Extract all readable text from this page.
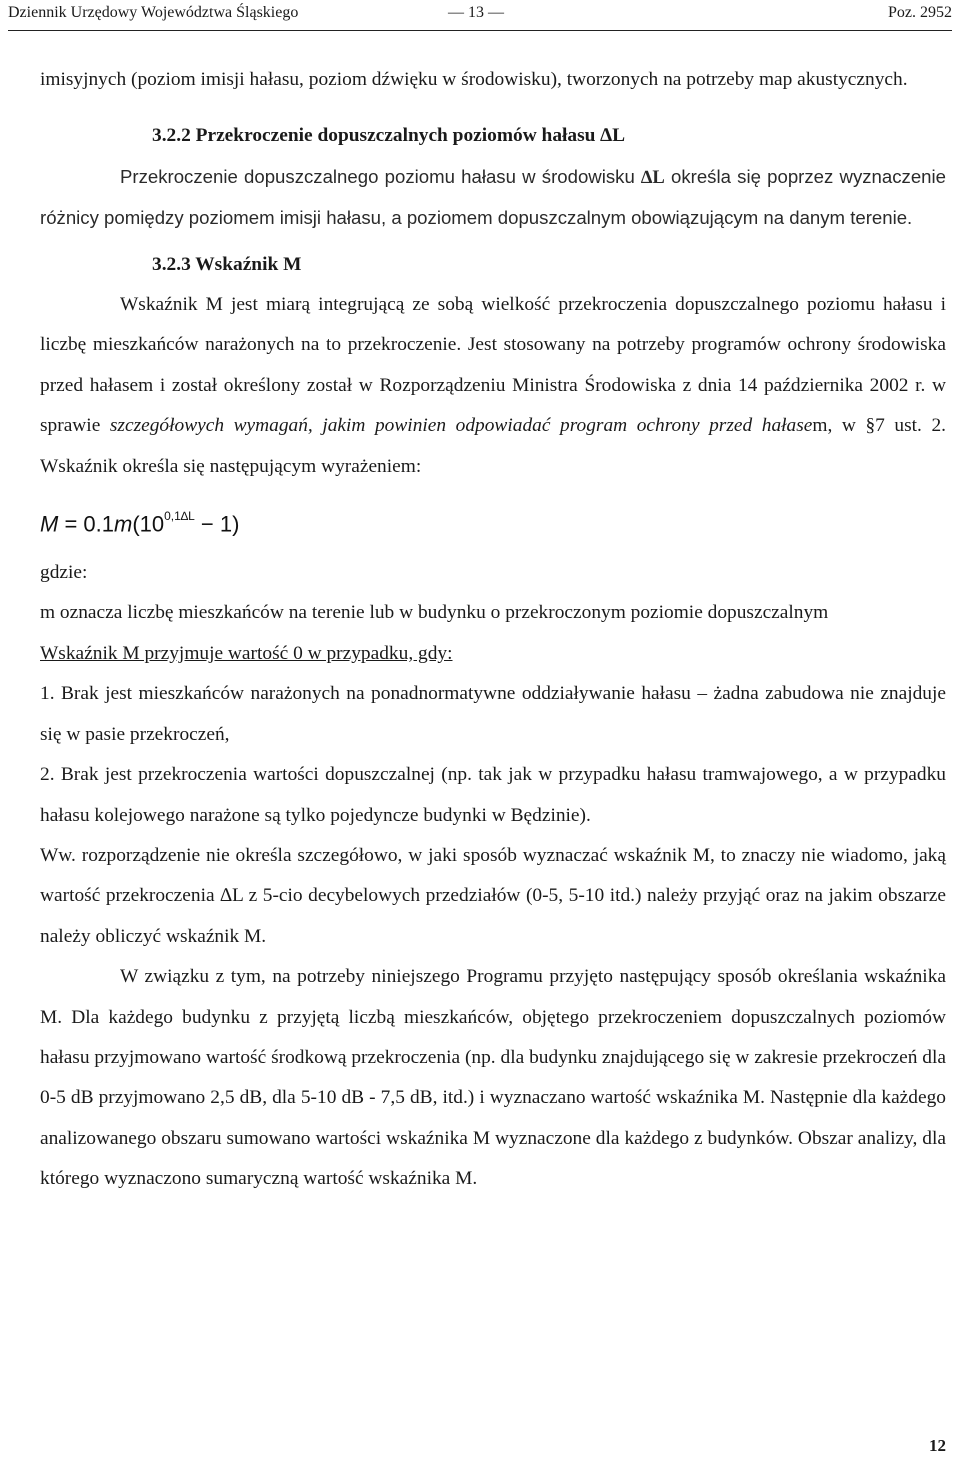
Dziennik Urzędowy Województwa Śląskiego	— 13 —	Poz. 2952

imisyjnych (poziom imisji hałasu, poziom dźwięku w środowisku), tworzonych na potrzeby map akustycznych.

3.2.2 Przekroczenie dopuszczalnych poziomów hałasu ∆L

Przekroczenie dopuszczalnego poziomu hałasu w środowisku ∆L określa się poprzez wyznaczenie różnicy pomiędzy poziomem imisji hałasu, a poziomem dopuszczalnym obowiązującym na danym terenie.

3.2.3 Wskaźnik M

Wskaźnik M jest miarą integrującą ze sobą wielkość przekroczenia dopuszczalnego poziomu hałasu i liczbę mieszkańców narażonych na to przekroczenie. Jest stosowany na potrzeby programów ochrony środowiska przed hałasem i został określony został w Rozporządzeniu Ministra Środowiska z dnia 14 października 2002 r. w sprawie szczegółowych wymagań, jakim powinien odpowiadać program ochrony przed hałasem, w §7 ust. 2. Wskaźnik określa się następującym wyrażeniem:

$M = 0.1m(10^{0,1\Delta L} - 1)$

gdzie:

m oznacza liczbę mieszkańców na terenie lub w budynku o przekroczonym poziomie dopuszczalnym

Wskaźnik M przyjmuje wartość 0 w przypadku, gdy:

1. Brak jest mieszkańców narażonych na ponadnormatywne oddziaływanie hałasu – żadna zabudowa nie znajduje się w pasie przekroczeń,

2. Brak jest przekroczenia wartości dopuszczalnej (np. tak jak w przypadku hałasu tramwajowego, a w przypadku hałasu kolejowego narażone są tylko pojedyncze budynki w Będzinie).

Ww. rozporządzenie nie określa szczegółowo, w jaki sposób wyznaczać wskaźnik M, to znaczy nie wiadomo, jaką wartość przekroczenia ∆L z 5-cio decybelowych przedziałów (0-5, 5-10 itd.) należy przyjąć oraz na jakim obszarze należy obliczyć wskaźnik M.

W związku z tym, na potrzeby niniejszego Programu przyjęto następujący sposób określania wskaźnika M. Dla każdego budynku z przyjętą liczbą mieszkańców, objętego przekroczeniem dopuszczalnych poziomów hałasu przyjmowano wartość środkową przekroczenia (np. dla budynku znajdującego się w zakresie przekroczeń dla 0-5 dB przyjmowano 2,5 dB, dla 5-10 dB - 7,5 dB, itd.) i wyznaczano wartość wskaźnika M. Następnie dla każdego analizowanego obszaru sumowano wartości wskaźnika M wyznaczone dla każdego z budynków. Obszar analizy, dla którego wyznaczono sumaryczną wartość wskaźnika M.

12
